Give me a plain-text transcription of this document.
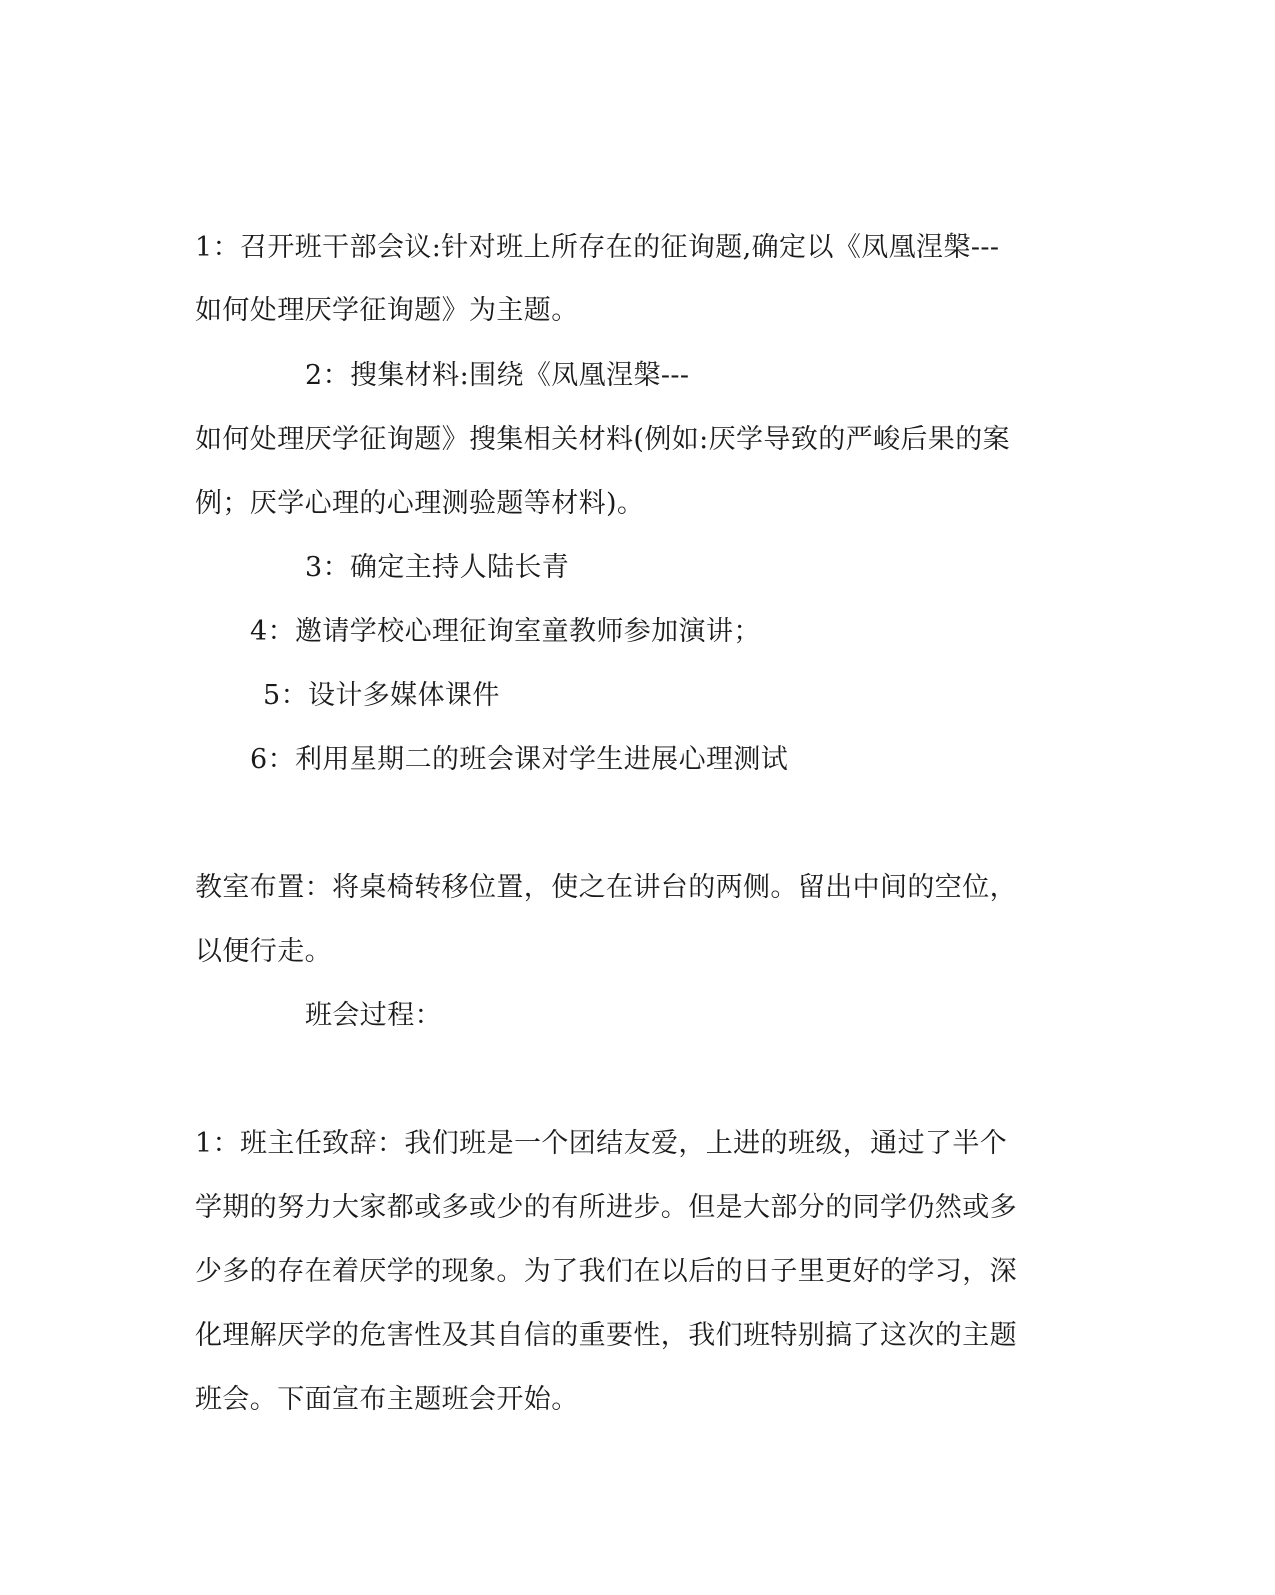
1：召开班干部会议:针对班上所存在的征询题,确定以《凤凰涅槃---
如何处理厌学征询题》为主题。
2：搜集材料:围绕《凤凰涅槃---
如何处理厌学征询题》搜集相关材料(例如:厌学导致的严峻后果的案
例；厌学心理的心理测验题等材料)。
3：确定主持人陆长青
4：邀请学校心理征询室童教师参加演讲；
5：设计多媒体课件
6：利用星期二的班会课对学生进展心理测试
教室布置：将桌椅转移位置，使之在讲台的两侧。留出中间的空位，
以便行走。
班会过程：
1：班主任致辞：我们班是一个团结友爱，上进的班级，通过了半个
学期的努力大家都或多或少的有所进步。但是大部分的同学仍然或多
少多的存在着厌学的现象。为了我们在以后的日子里更好的学习，深
化理解厌学的危害性及其自信的重要性，我们班特别搞了这次的主题
班会。下面宣布主题班会开始。
